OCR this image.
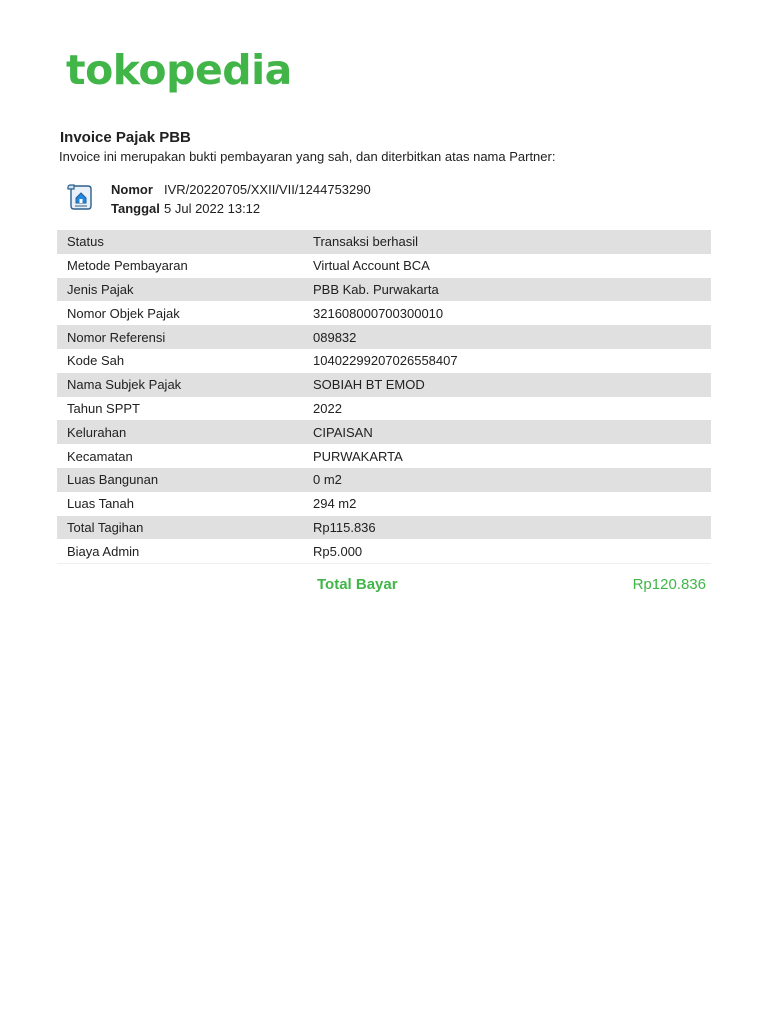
tokopedia
Invoice Pajak PBB
Invoice ini merupakan bukti pembayaran yang sah, dan diterbitkan atas nama Partner:
Nomor IVR/20220705/XXII/VII/1244753290
Tanggal 5 Jul 2022 13:12
Status	Transaksi berhasil
Metode Pembayaran	Virtual Account BCA
Jenis Pajak	PBB Kab. Purwakarta
Nomor Objek Pajak	321608000700300010
Nomor Referensi	089832
Kode Sah	10402299207026558407
Nama Subjek Pajak	SOBIAH BT EMOD
Tahun SPPT	2022
Kelurahan	CIPAISAN
Kecamatan	PURWAKARTA
Luas Bangunan	0 m2
Luas Tanah	294 m2
Total Tagihan	Rp115.836
Biaya Admin	Rp5.000
Total Bayar	Rp120.836
